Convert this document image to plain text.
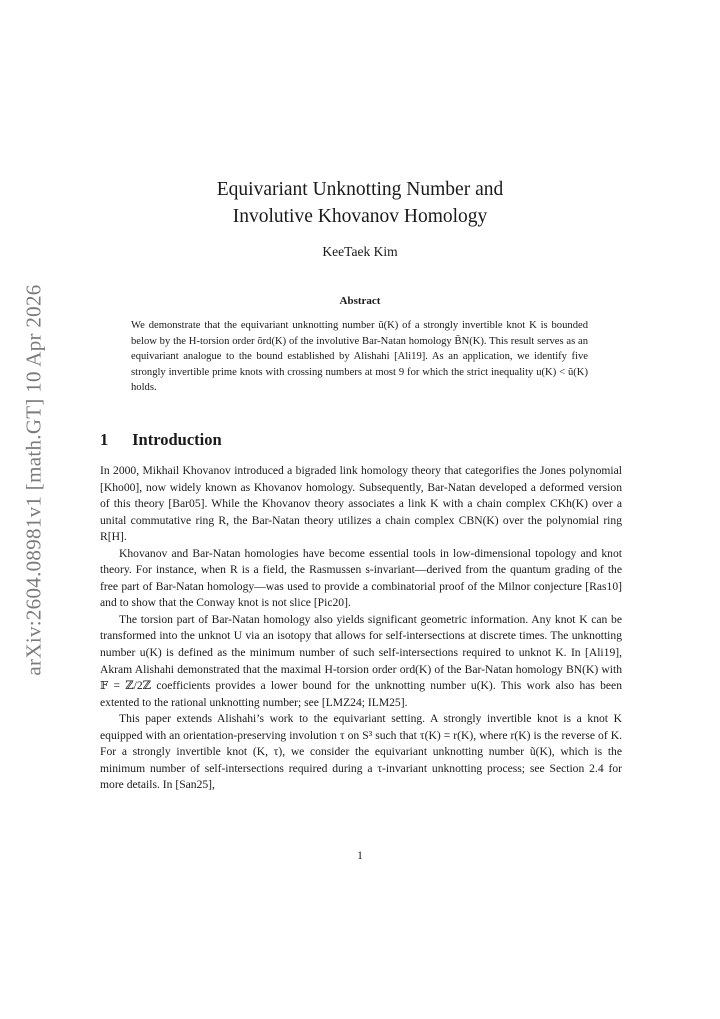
arXiv:2604.08981v1 [math.GT] 10 Apr 2026
Equivariant Unknotting Number and
Involutive Khovanov Homology
KeeTaek Kim
Abstract

We demonstrate that the equivariant unknotting number ũ(K) of a strongly invertible knot K is bounded below by the H-torsion order õrd(K) of the involutive Bar-Natan homology B̃N(K). This result serves as an equivariant analogue to the bound established by Alishahi [Ali19]. As an application, we identify five strongly invertible prime knots with crossing numbers at most 9 for which the strict inequality u(K) < ũ(K) holds.

1 Introduction

In 2000, Mikhail Khovanov introduced a bigraded link homology theory that categorifies the Jones polynomial [Kho00], now widely known as Khovanov homology. Subsequently, Bar-Natan developed a deformed version of this theory [Bar05]. While the Khovanov theory associates a link K with a chain complex CKh(K) over a unital commutative ring R, the Bar-Natan theory utilizes a chain complex CBN(K) over the polynomial ring R[H].

Khovanov and Bar-Natan homologies have become essential tools in low-dimensional topology and knot theory. For instance, when R is a field, the Rasmussen s-invariant—derived from the quantum grading of the free part of Bar-Natan homology—was used to provide a combinatorial proof of the Milnor conjecture [Ras10] and to show that the Conway knot is not slice [Pic20].

The torsion part of Bar-Natan homology also yields significant geometric information. Any knot K can be transformed into the unknot U via an isotopy that allows for self-intersections at discrete times. The unknotting number u(K) is defined as the minimum number of such self-intersections required to unknot K. In [Ali19], Akram Alishahi demonstrated that the maximal H-torsion order ord(K) of the Bar-Natan homology BN(K) with 𝔽 = ℤ/2ℤ coefficients provides a lower bound for the unknotting number u(K). This work also has been extented to the rational unknotting number; see [LMZ24; ILM25].

This paper extends Alishahi’s work to the equivariant setting. A strongly invertible knot is a knot K equipped with an orientation-preserving involution τ on S³ such that τ(K) = r(K), where r(K) is the reverse of K. For a strongly invertible knot (K, τ), we consider the equivariant unknotting number ũ(K), which is the minimum number of self-intersections required during a τ-invariant unknotting process; see Section 2.4 for more details. In [San25],

1
